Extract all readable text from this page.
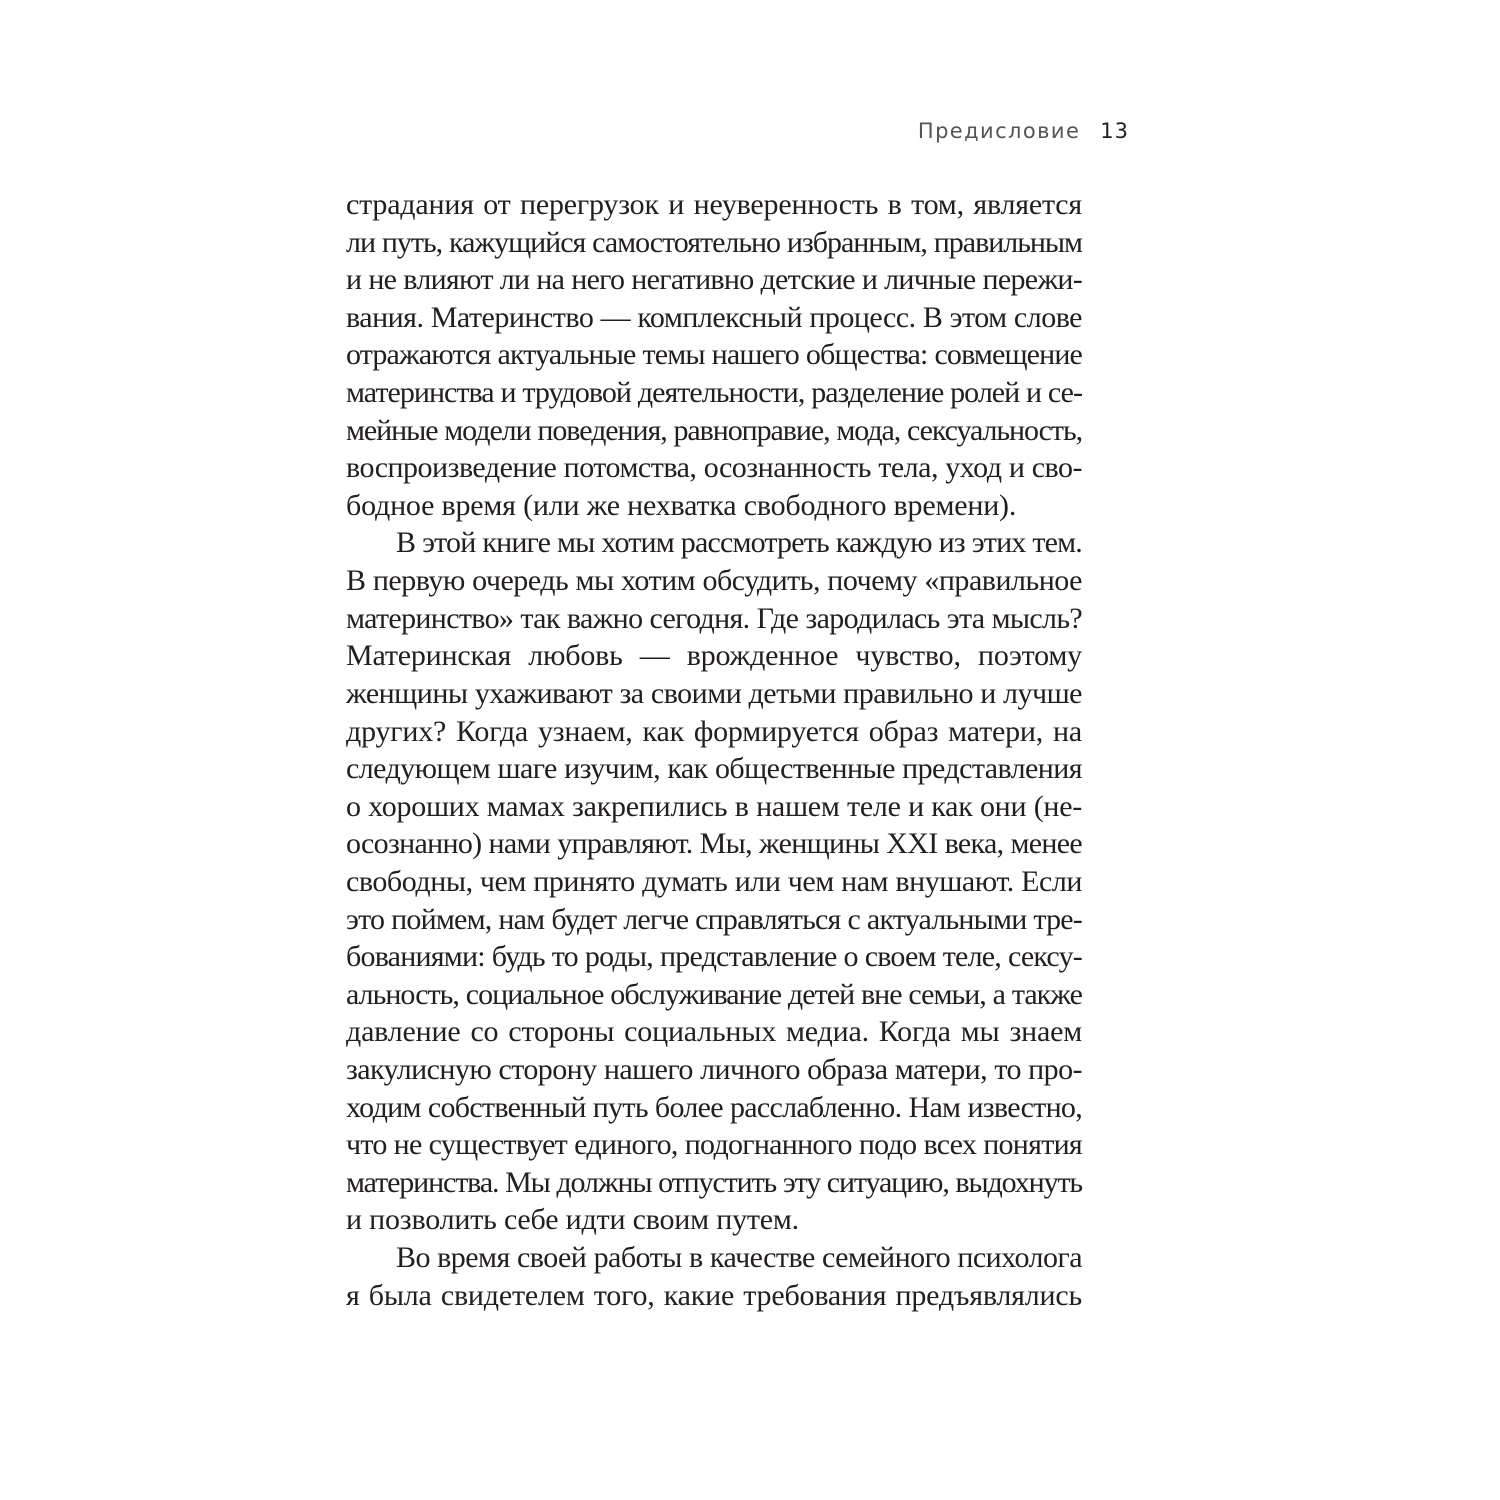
Предисловие 13
страдания от перегрузок и неуверенность в том, является
ли путь, кажущийся самостоятельно избранным, правильным
и не влияют ли на него негативно детские и личные пережи-
вания. Материнство — комплексный процесс. В этом слове
отражаются актуальные темы нашего общества: совмещение
материнства и трудовой деятельности, разделение ролей и се-
мейные модели поведения, равноправие, мода, сексуальность,
воспроизведение потомства, осознанность тела, уход и сво-
бодное время (или же нехватка свободного времени).
В этой книге мы хотим рассмотреть каждую из этих тем.
В первую очередь мы хотим обсудить, почему «правильное
материнство» так важно сегодня. Где зародилась эта мысль?
Материнская любовь — врожденное чувство, поэтому
женщины ухаживают за своими детьми правильно и лучше
других? Когда узнаем, как формируется образ матери, на
следующем шаге изучим, как общественные представления
о хороших мамах закрепились в нашем теле и как они (не-
осознанно) нами управляют. Мы, женщины XXI века, менее
свободны, чем принято думать или чем нам внушают. Если
это поймем, нам будет легче справляться с актуальными тре-
бованиями: будь то роды, представление о своем теле, сексу-
альность, социальное обслуживание детей вне семьи, а также
давление со стороны социальных медиа. Когда мы знаем
закулисную сторону нашего личного образа матери, то про-
ходим собственный путь более расслабленно. Нам известно,
что не существует единого, подогнанного подо всех понятия
материнства. Мы должны отпустить эту ситуацию, выдохнуть
и позволить себе идти своим путем.
Во время своей работы в качестве семейного психолога
я была свидетелем того, какие требования предъявлялись
